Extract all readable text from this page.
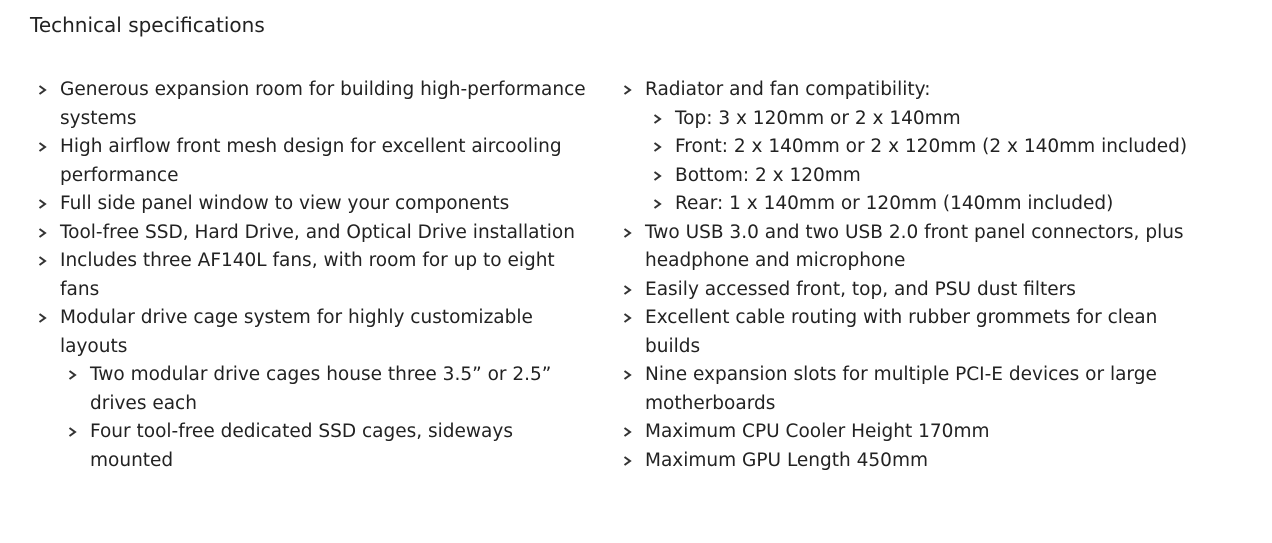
Technical specifications
Generous expansion room for building high-performance systems
High airflow front mesh design for excellent aircooling performance
Full side panel window to view your components
Tool-free SSD, Hard Drive, and Optical Drive installation
Includes three AF140L fans, with room for up to eight fans
Modular drive cage system for highly customizable layouts
Two modular drive cages house three 3.5” or 2.5” drives each
Four tool-free dedicated SSD cages, sideways mounted
Radiator and fan compatibility:
Top: 3 x 120mm or 2 x 140mm
Front: 2 x 140mm or 2 x 120mm (2 x 140mm included)
Bottom: 2 x 120mm
Rear: 1 x 140mm or 120mm (140mm included)
Two USB 3.0 and two USB 2.0 front panel connectors, plus headphone and microphone
Easily accessed front, top, and PSU dust filters
Excellent cable routing with rubber grommets for clean builds
Nine expansion slots for multiple PCI-E devices or large motherboards
Maximum CPU Cooler Height 170mm
Maximum GPU Length 450mm
